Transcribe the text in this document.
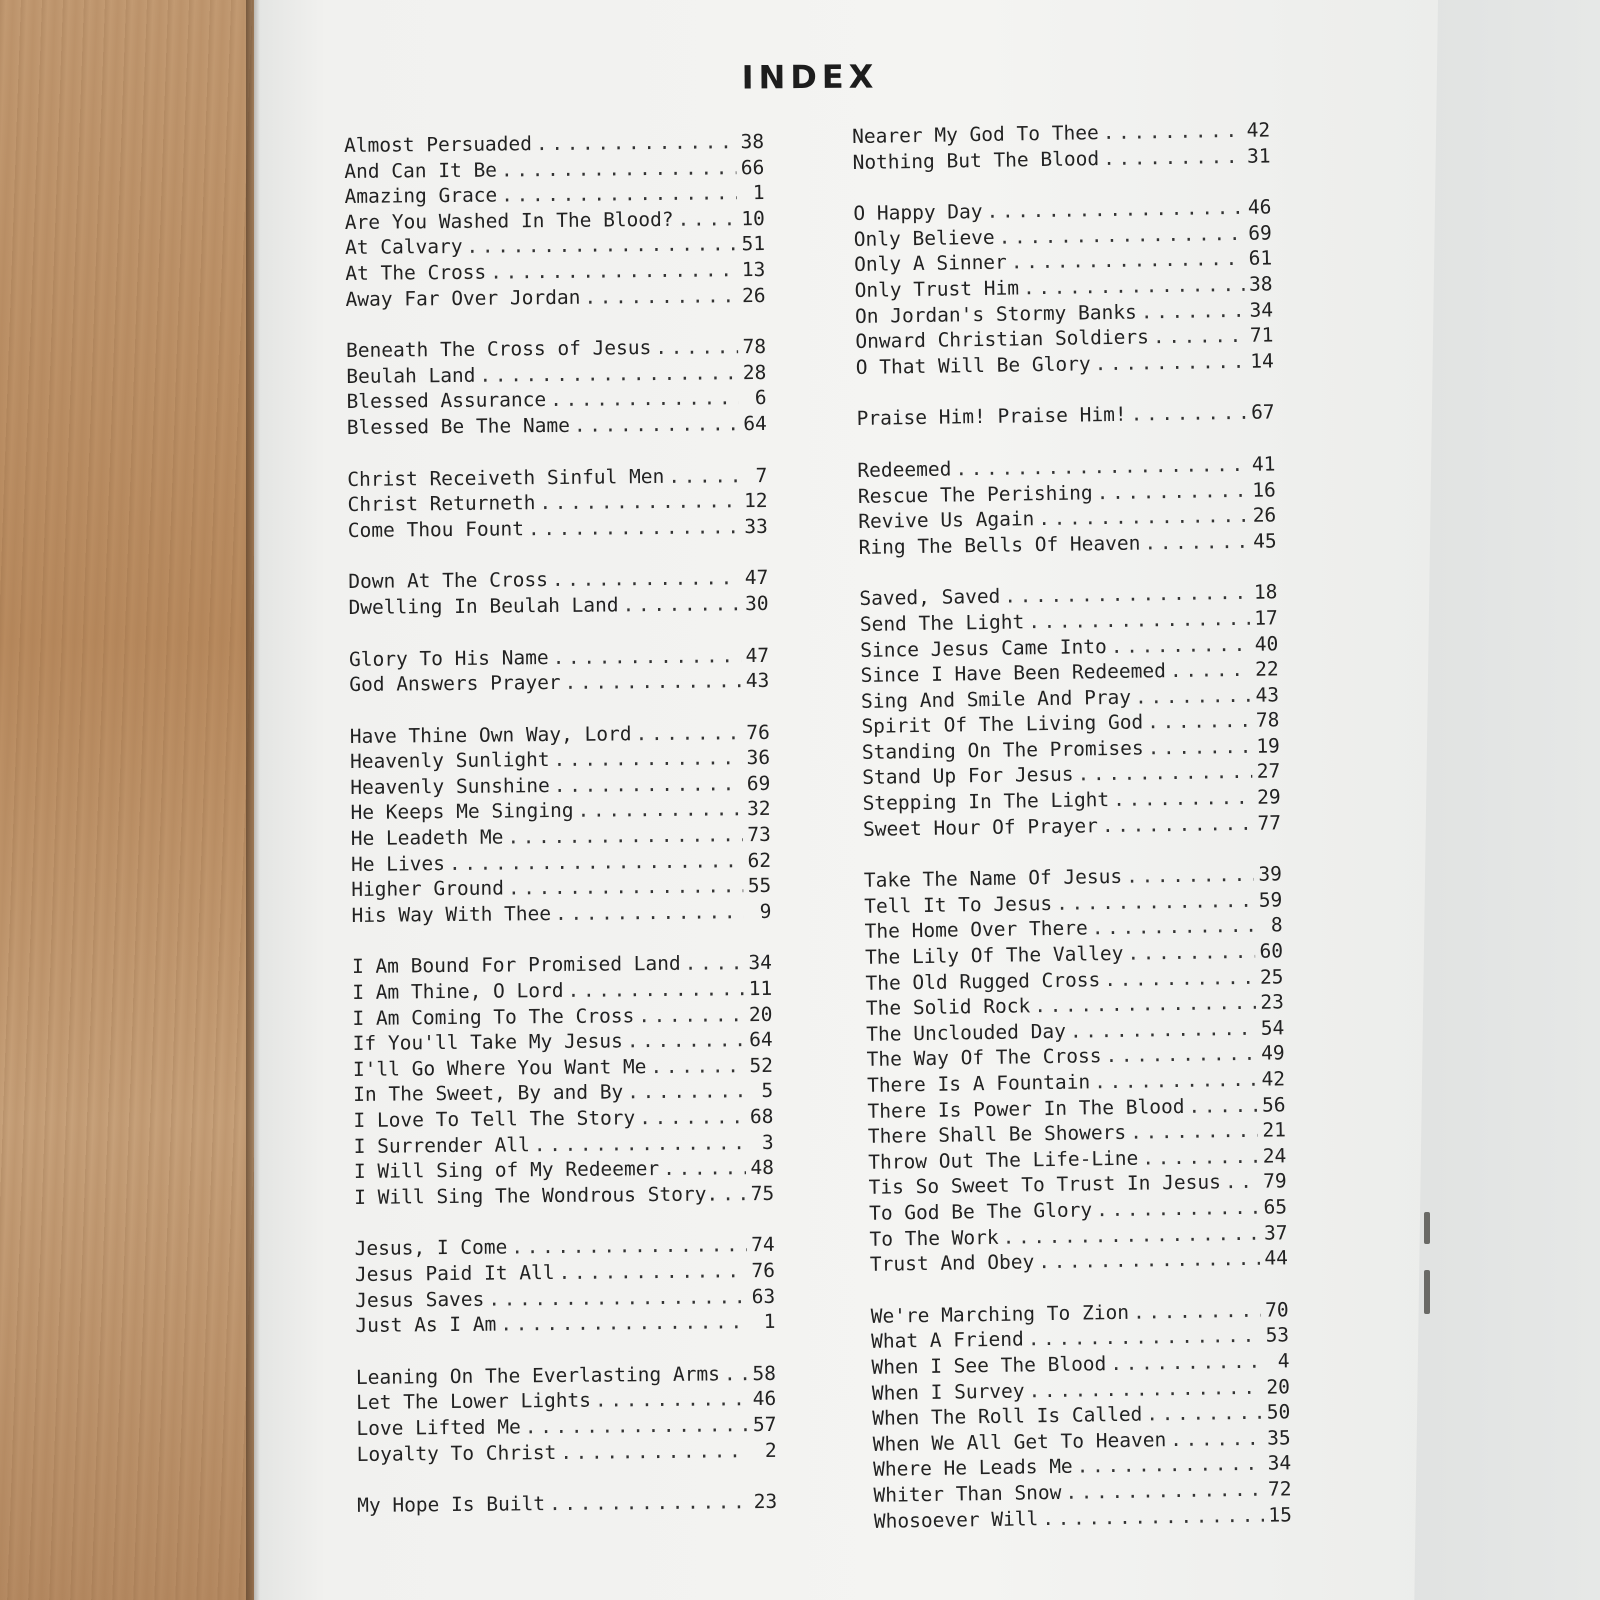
INDEX
Almost Persuaded .....	38
And Can It Be .....	66
Amazing Grace .....	1
Are You Washed In The Blood? .....	10
At Calvary .....	51
At The Cross .....	13
Away Far Over Jordan .....	26
Beneath The Cross of Jesus .....	78
Beulah Land .....	28
Blessed Assurance .....	6
Blessed Be The Name .....	64
Christ Receiveth Sinful Men .....	7
Christ Returneth .....	12
Come Thou Fount .....	33
Down At The Cross .....	47
Dwelling In Beulah Land .....	30
Glory To His Name .....	47
God Answers Prayer .....	43
Have Thine Own Way, Lord .....	76
Heavenly Sunlight .....	36
Heavenly Sunshine .....	69
He Keeps Me Singing .....	32
He Leadeth Me .....	73
He Lives .....	62
Higher Ground .....	55
His Way With Thee .....	9
I Am Bound For Promised Land .....	34
I Am Thine, O Lord .....	11
I Am Coming To The Cross .....	20
If You'll Take My Jesus .....	64
I'll Go Where You Want Me .....	52
In The Sweet, By and By .....	5
I Love To Tell The Story .....	68
I Surrender All .....	3
I Will Sing of My Redeemer .....	48
I Will Sing The Wondrous Story. ..... 75
Jesus, I Come .....	74
Jesus Paid It All .....	76
Jesus Saves .....	63
Just As I Am .....	1
Leaning On The Everlasting Arms ..... 58
Let The Lower Lights .....	46
Love Lifted Me .....	57
Loyalty To Christ .....	2
My Hope Is Built .....	23
Nearer My God To Thee .....	42
Nothing But The Blood .....	31
O Happy Day .....	46
Only Believe .....	69
Only A Sinner .....	61
Only Trust Him .....	38
On Jordan's Stormy Banks .....	34
Onward Christian Soldiers .....	71
O That Will Be Glory .....	14
Praise Him! Praise Him! .....	67
Redeemed .....	41
Rescue The Perishing .....	16
Revive Us Again .....	26
Ring The Bells Of Heaven .....	45
Saved, Saved .....	18
Send The Light .....	17
Since Jesus Came Into .....	40
Since I Have Been Redeemed .....	22
Sing And Smile And Pray .....	43
Spirit Of The Living God .....	78
Standing On The Promises .....	19
Stand Up For Jesus .....	27
Stepping In The Light .....	29
Sweet Hour Of Prayer .....	77
Take The Name Of Jesus .....	39
Tell It To Jesus .....	59
The Home Over There .....	8
The Lily Of The Valley .....	60
The Old Rugged Cross .....	25
The Solid Rock .....	23
The Unclouded Day .....	54
The Way Of The Cross .....	49
There Is A Fountain .....	42
There Is Power In The Blood .....	56
There Shall Be Showers .....	21
Throw Out The Life-Line .....	24
Tis So Sweet To Trust In Jesus ..... 79
To God Be The Glory .....	65
To The Work .....	37
Trust And Obey .....	44
We're Marching To Zion .....	70
What A Friend .....	53
When I See The Blood .....	4
When I Survey .....	20
When The Roll Is Called .....	50
When We All Get To Heaven .....	35
Where He Leads Me .....	34
Whiter Than Snow .....	72
Whosoever Will .....	15
